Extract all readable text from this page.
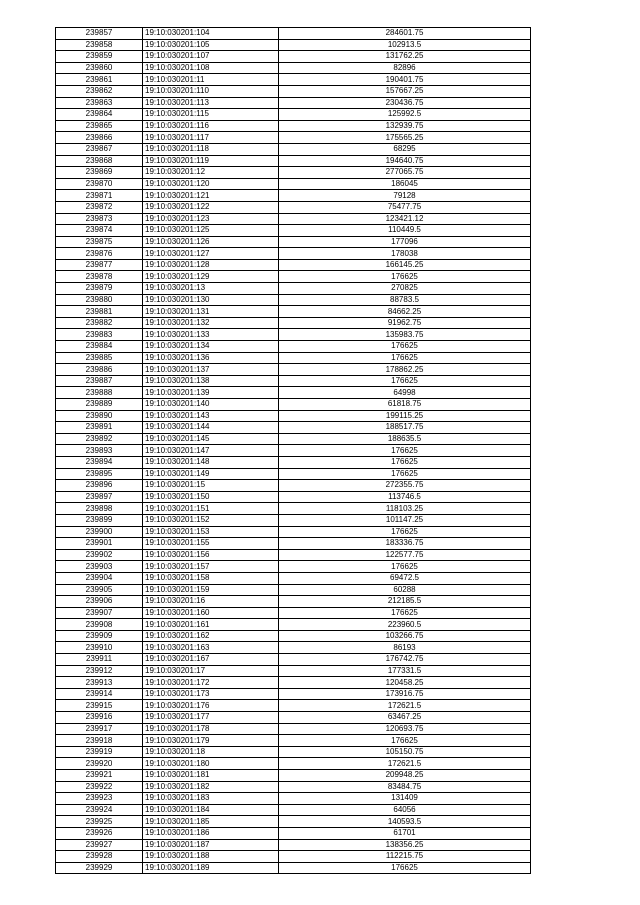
239857	19:10:030201:104	284601.75
239858	19:10:030201:105	102913.5
239859	19:10:030201:107	131762.25
239860	19:10:030201:108	82896
239861	19:10:030201:11	190401.75
239862	19:10:030201:110	157667.25
239863	19:10:030201:113	230436.75
239864	19:10:030201:115	125992.5
239865	19:10:030201:116	132939.75
239866	19:10:030201:117	175565.25
239867	19:10:030201:118	68295
239868	19:10:030201:119	194640.75
239869	19:10:030201:12	277065.75
239870	19:10:030201:120	186045
239871	19:10:030201:121	79128
239872	19:10:030201:122	75477.75
239873	19:10:030201:123	123421.12
239874	19:10:030201:125	110449.5
239875	19:10:030201:126	177096
239876	19:10:030201:127	178038
239877	19:10:030201:128	166145.25
239878	19:10:030201:129	176625
239879	19:10:030201:13	270825
239880	19:10:030201:130	88783.5
239881	19:10:030201:131	84662.25
239882	19:10:030201:132	91962.75
239883	19:10:030201:133	135983.75
239884	19:10:030201:134	176625
239885	19:10:030201:136	176625
239886	19:10:030201:137	178862.25
239887	19:10:030201:138	176625
239888	19:10:030201:139	64998
239889	19:10:030201:140	61818.75
239890	19:10:030201:143	199115.25
239891	19:10:030201:144	188517.75
239892	19:10:030201:145	188635.5
239893	19:10:030201:147	176625
239894	19:10:030201:148	176625
239895	19:10:030201:149	176625
239896	19:10:030201:15	272355.75
239897	19:10:030201:150	113746.5
239898	19:10:030201:151	118103.25
239899	19:10:030201:152	101147.25
239900	19:10:030201:153	176625
239901	19:10:030201:155	183336.75
239902	19:10:030201:156	122577.75
239903	19:10:030201:157	176625
239904	19:10:030201:158	69472.5
239905	19:10:030201:159	60288
239906	19:10:030201:16	212185.5
239907	19:10:030201:160	176625
239908	19:10:030201:161	223960.5
239909	19:10:030201:162	103266.75
239910	19:10:030201:163	86193
239911	19:10:030201:167	176742.75
239912	19:10:030201:17	177331.5
239913	19:10:030201:172	120458.25
239914	19:10:030201:173	173916.75
239915	19:10:030201:176	172621.5
239916	19:10:030201:177	63467.25
239917	19:10:030201:178	120693.75
239918	19:10:030201:179	176625
239919	19:10:030201:18	105150.75
239920	19:10:030201:180	172621.5
239921	19:10:030201:181	209948.25
239922	19:10:030201:182	83484.75
239923	19:10:030201:183	131409
239924	19:10:030201:184	64056
239925	19:10:030201:185	140593.5
239926	19:10:030201:186	61701
239927	19:10:030201:187	138356.25
239928	19:10:030201:188	112215.75
239929	19:10:030201:189	176625
